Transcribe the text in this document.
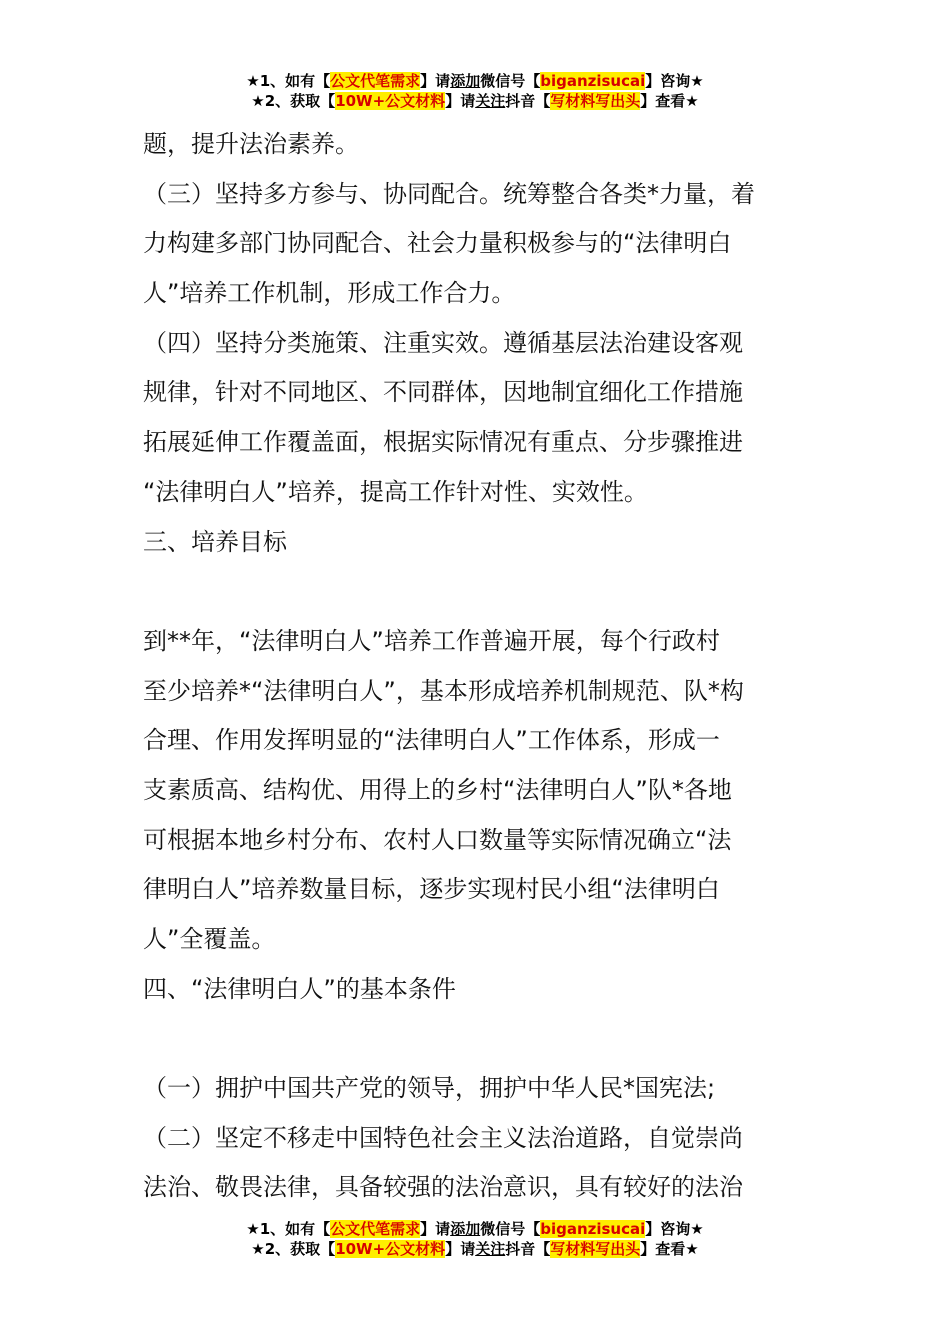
★1、如有【公文代笔需求】请添加微信号【biganzisucai】咨询★
★2、获取【10W+公文材料】请关注抖音【写材料写出头】查看★
题，提升法治素养。
（三）坚持多方参与、协同配合。统筹整合各类*力量，着
力构建多部门协同配合、社会力量积极参与的“法律明白
人”培养工作机制，形成工作合力。
（四）坚持分类施策、注重实效。遵循基层法治建设客观
规律，针对不同地区、不同群体，因地制宜细化工作措施
拓展延伸工作覆盖面，根据实际情况有重点、分步骤推进
“法律明白人”培养，提高工作针对性、实效性。
三、培养目标
到**年，“法律明白人”培养工作普遍开展，每个行政村
至少培养*“法律明白人”，基本形成培养机制规范、队*构
合理、作用发挥明显的“法律明白人”工作体系，形成一
支素质高、结构优、用得上的乡村“法律明白人”队*各地
可根据本地乡村分布、农村人口数量等实际情况确立“法
律明白人”培养数量目标，逐步实现村民小组“法律明白
人”全覆盖。
四、“法律明白人”的基本条件
（一）拥护中国共产党的领导，拥护中华人民*国宪法;
（二）坚定不移走中国特色社会主义法治道路，自觉崇尚
法治、敬畏法律，具备较强的法治意识，具有较好的法治
★1、如有【公文代笔需求】请添加微信号【biganzisucai】咨询★
★2、获取【10W+公文材料】请关注抖音【写材料写出头】查看★
